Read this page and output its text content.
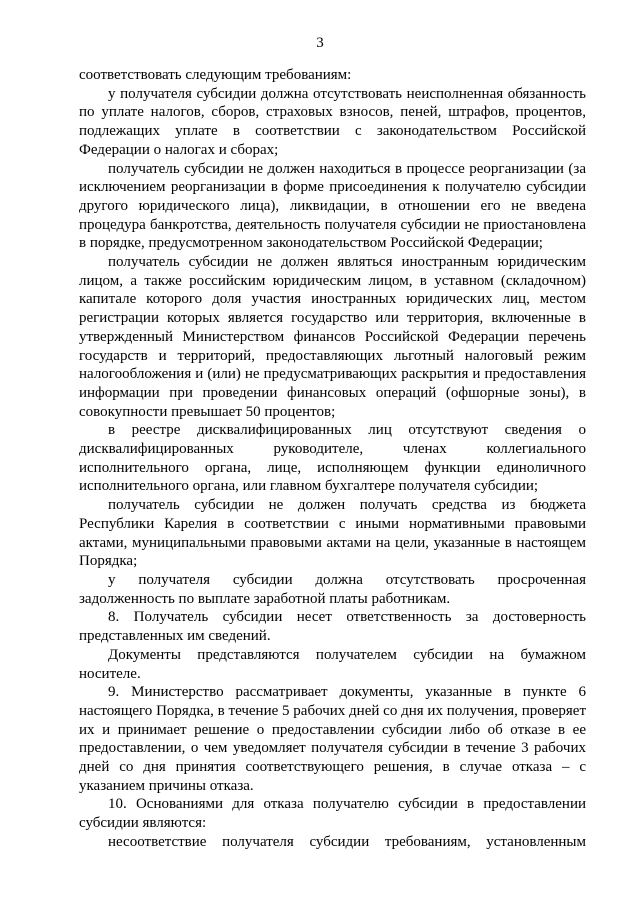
3

соответствовать следующим требованиям:

у получателя субсидии должна отсутствовать неисполненная обязанность по уплате налогов, сборов, страховых взносов, пеней, штрафов, процентов, подлежащих уплате в соответствии с законодательством Российской Федерации о налогах и сборах;

получатель субсидии не должен находиться в процессе реорганизации (за исключением реорганизации в форме присоединения к получателю субсидии другого юридического лица), ликвидации, в отношении его не введена процедура банкротства, деятельность получателя субсидии не приостановлена в порядке, предусмотренном законодательством Российской Федерации;

получатель субсидии не должен являться иностранным юридическим лицом, а также российским юридическим лицом, в уставном (складочном) капитале которого доля участия иностранных юридических лиц, местом регистрации которых является государство или территория, включенные в утвержденный Министерством финансов Российской Федерации перечень государств и территорий, предоставляющих льготный налоговый режим налогообложения и (или) не предусматривающих раскрытия и предоставления информации при проведении финансовых операций (офшорные зоны), в совокупности превышает 50 процентов;

в реестре дисквалифицированных лиц отсутствуют сведения о дисквалифицированных руководителе, членах коллегиального исполнительного органа, лице, исполняющем функции единоличного исполнительного органа, или главном бухгалтере получателя субсидии;

получатель субсидии не должен получать средства из бюджета Республики Карелия в соответствии с иными нормативными правовыми актами, муниципальными правовыми актами на цели, указанные в настоящем Порядка;

у получателя субсидии должна отсутствовать просроченная задолженность по выплате заработной платы работникам.

8. Получатель субсидии несет ответственность за достоверность представленных им сведений.

Документы представляются получателем субсидии на бумажном носителе.

9. Министерство рассматривает документы, указанные в пункте 6 настоящего Порядка, в течение 5 рабочих дней со дня их получения, проверяет их и принимает решение о предоставлении субсидии либо об отказе в ее предоставлении, о чем уведомляет получателя субсидии в течение 3 рабочих дней со дня принятия соответствующего решения, в случае отказа – с указанием причины отказа.

10. Основаниями для отказа получателю субсидии в предоставлении субсидии являются:

несоответствие получателя субсидии требованиям, установленным
